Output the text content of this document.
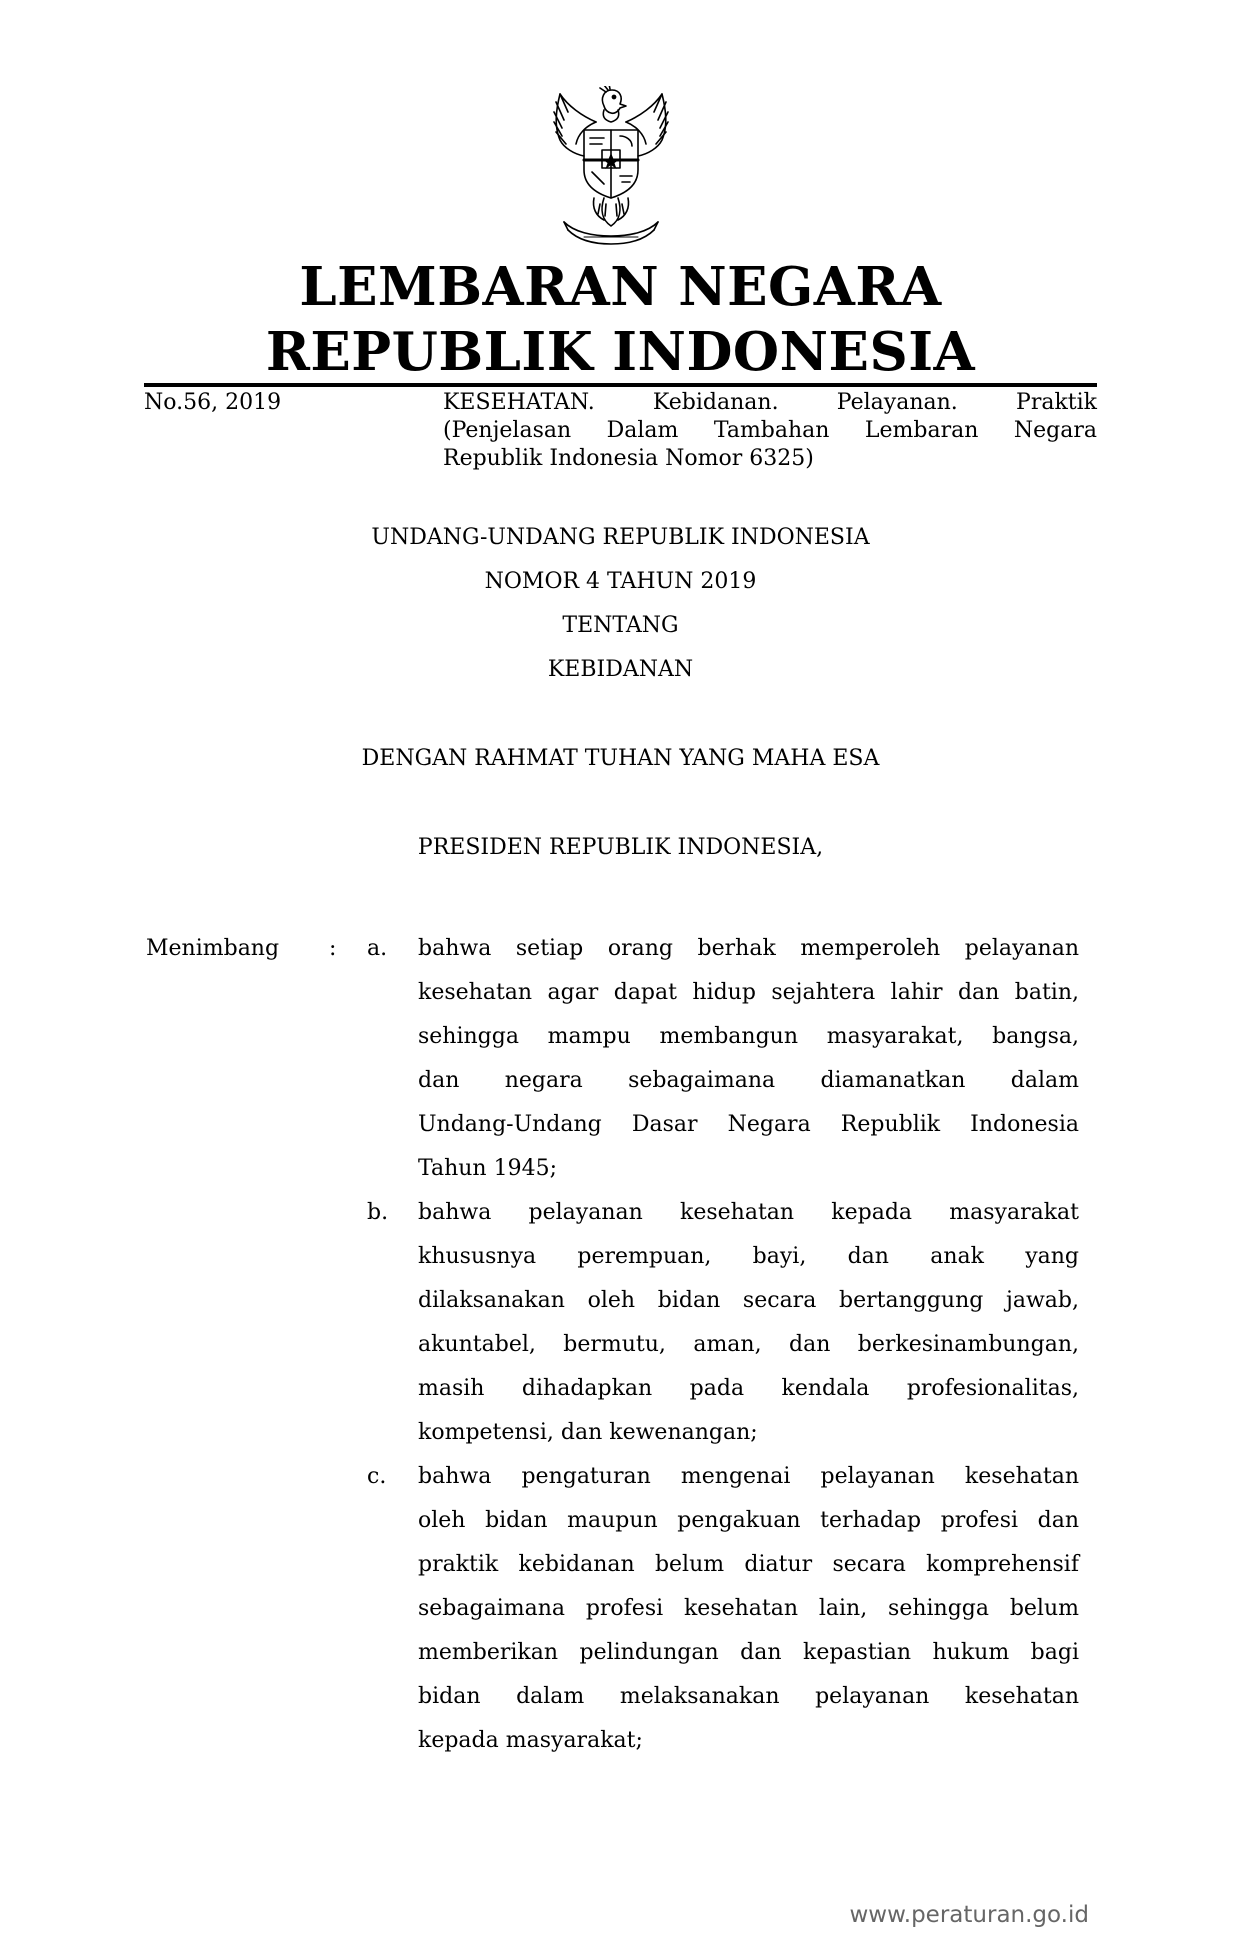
LEMBARAN NEGARA
REPUBLIK INDONESIA
No.56, 2019	KESEHATAN. Kebidanan. Pelayanan. Praktik
(Penjelasan Dalam Tambahan Lembaran Negara
Republik Indonesia Nomor 6325)
UNDANG-UNDANG REPUBLIK INDONESIA
NOMOR 4 TAHUN 2019
TENTANG
KEBIDANAN
DENGAN RAHMAT TUHAN YANG MAHA ESA
PRESIDEN REPUBLIK INDONESIA,
Menimbang : a. bahwa setiap orang berhak memperoleh pelayanan
kesehatan agar dapat hidup sejahtera lahir dan batin,
sehingga mampu membangun masyarakat, bangsa,
dan negara sebagaimana diamanatkan dalam
Undang-Undang Dasar Negara Republik Indonesia
Tahun 1945;
b. bahwa pelayanan kesehatan kepada masyarakat
khususnya perempuan, bayi, dan anak yang
dilaksanakan oleh bidan secara bertanggung jawab,
akuntabel, bermutu, aman, dan berkesinambungan,
masih dihadapkan pada kendala profesionalitas,
kompetensi, dan kewenangan;
c. bahwa pengaturan mengenai pelayanan kesehatan
oleh bidan maupun pengakuan terhadap profesi dan
praktik kebidanan belum diatur secara komprehensif
sebagaimana profesi kesehatan lain, sehingga belum
memberikan pelindungan dan kepastian hukum bagi
bidan dalam melaksanakan pelayanan kesehatan
kepada masyarakat;
www.peraturan.go.id
